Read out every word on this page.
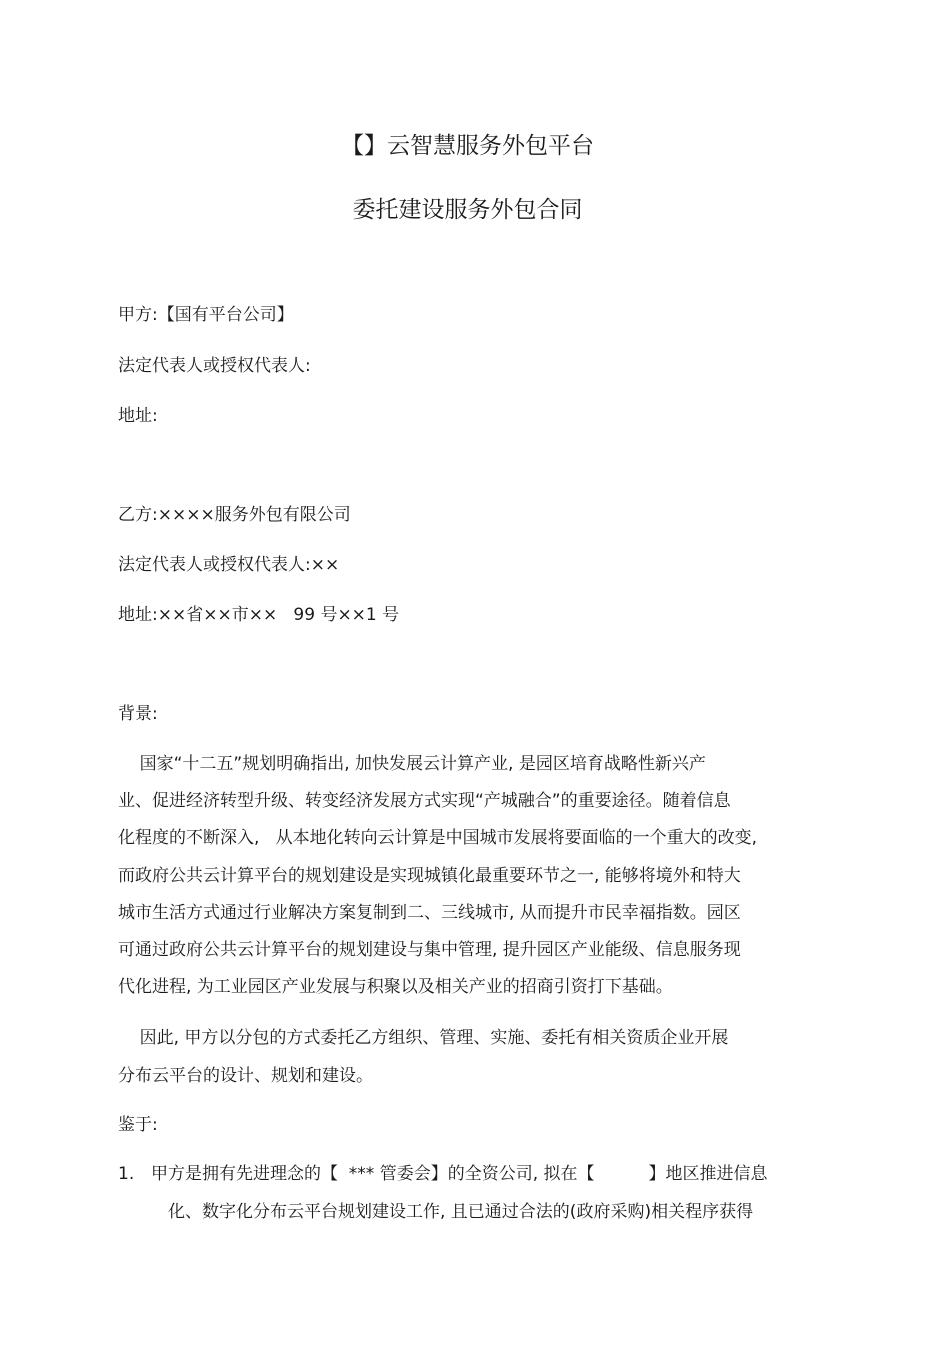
【】云智慧服务外包平台
委托建设服务外包合同
甲方:【国有平台公司】
法定代表人或授权代表人:
地址:
乙方:××××服务外包有限公司
法定代表人或授权代表人:××
地址:××省××市××   99 号××1 号
背景:
国家“十二五”规划明确指出, 加快发展云计算产业, 是园区培育战略性新兴产
业、促进经济转型升级、转变经济发展方式实现“产城融合”的重要途径。随着信息
化程度的不断深入,   从本地化转向云计算是中国城市发展将要面临的一个重大的改变,
而政府公共云计算平台的规划建设是实现城镇化最重要环节之一, 能够将境外和特大
城市生活方式通过行业解决方案复制到二、三线城市, 从而提升市民幸福指数。园区
可通过政府公共云计算平台的规划建设与集中管理, 提升园区产业能级、信息服务现
代化进程, 为工业园区产业发展与积聚以及相关产业的招商引资打下基础。
因此, 甲方以分包的方式委托乙方组织、管理、实施、委托有相关资质企业开展
分布云平台的设计、规划和建设。
鉴于:
1. 甲方是拥有先进理念的【  *** 管委会】的全资公司, 拟在【          】地区推进信息
化、数字化分布云平台规划建设工作, 且已通过合法的(政府采购)相关程序获得
